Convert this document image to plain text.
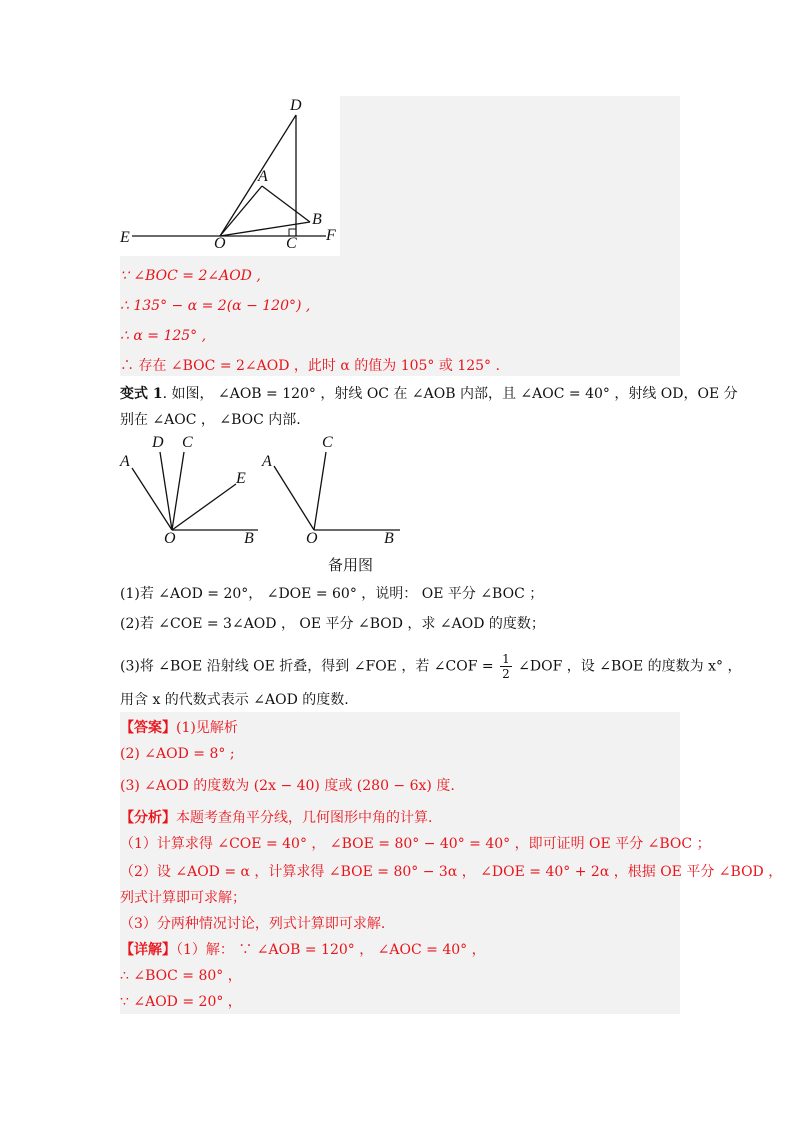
D
A
B
E	O	C F
∵ ∠BOC = 2∠AOD ,
∴ 135° − α = 2(α − 120°) ,
∴ α = 125° ,
∴ 存在 ∠BOC = 2∠AOD ，此时 α 的值为 105° 或 125° .
变式 1. 如图， ∠AOB = 120° ，射线 OC 在 ∠AOB 内部，且 ∠AOC = 40° ，射线 OD，OE 分
别在 ∠AOC ， ∠BOC 内部.
A
D C
E
O	B
A
C
O	B
备用图
(1)若 ∠AOD = 20°， ∠DOE = 60° ，说明： OE 平分 ∠BOC ；
(2)若 ∠COE = 3∠AOD ， OE 平分 ∠BOD ，求 ∠AOD 的度数；
(3)将 ∠BOE 沿射线 OE 折叠，得到 ∠FOE ，若 ∠COF = $\frac{1}{2}$ ∠DOF ，设 ∠BOE 的度数为 x° ，
用含 x 的代数式表示 ∠AOD 的度数.
【答案】(1)见解析
(2) ∠AOD = 8° ;
(3) ∠AOD 的度数为 (2x − 40) 度或 (280 − 6x) 度.
【分析】本题考查角平分线，几何图形中角的计算.
（1）计算求得 ∠COE = 40° ， ∠BOE = 80° − 40° = 40° ，即可证明 OE 平分 ∠BOC ；
（2）设 ∠AOD = α ，计算求得 ∠BOE = 80° − 3α ， ∠DOE = 40° + 2α ，根据 OE 平分 ∠BOD ，
列式计算即可求解；
（3）分两种情况讨论，列式计算即可求解.
【详解】（1）解： ∵ ∠AOB = 120° ， ∠AOC = 40° ，
∴ ∠BOC = 80° ，
∵ ∠AOD = 20° ，
